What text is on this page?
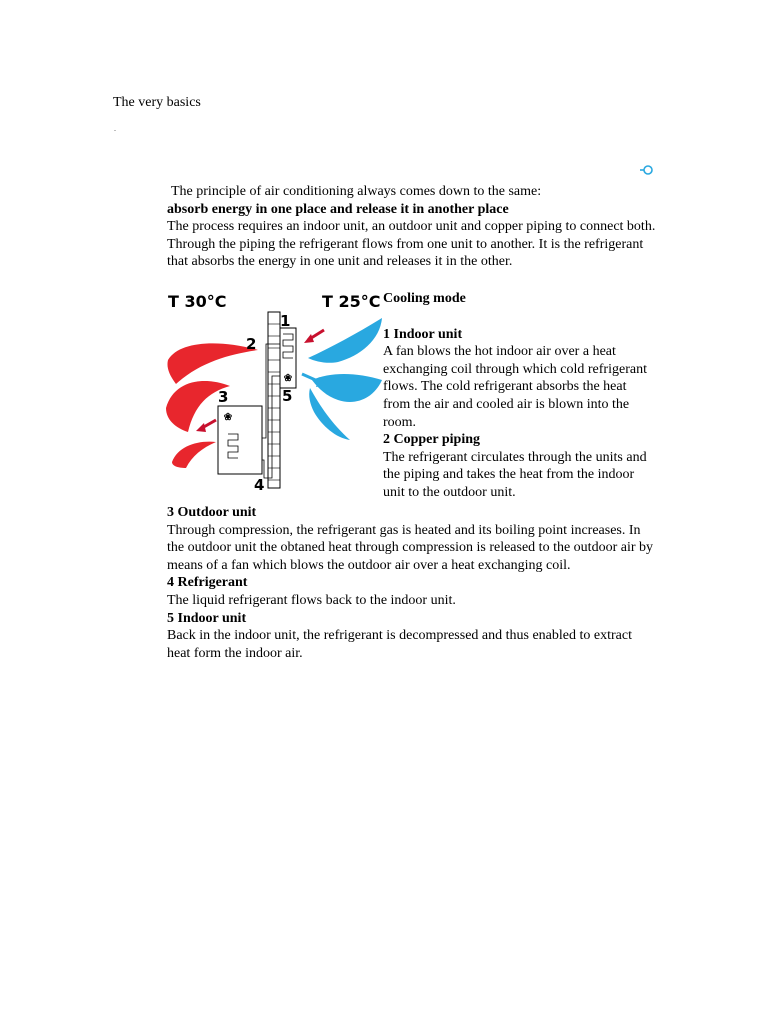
The very basics
.
The principle of air conditioning always comes down to the same:
absorb energy in one place and release it in another place
The process requires an indoor unit, an outdoor unit and copper piping to connect both. Through the piping the refrigerant flows from one unit to another. It is the refrigerant that absorbs the energy in one unit and releases it in the other.
❀
❀
T 30°C	T 25°C
1
2
3
4
5
Cooling mode
1 Indoor unit
A fan blows the hot indoor air over a heat exchanging coil through which cold refrigerant flows. The cold refrigerant absorbs the heat from the air and cooled air is blown into the room.
2 Copper piping
The refrigerant circulates through the units and the piping and takes the heat from the indoor unit to the outdoor unit.
3 Outdoor unit
Through compression, the refrigerant gas is heated and its boiling point increases. In the outdoor unit the obtaned heat through compression is released to the outdoor air by means of a fan which blows the outdoor air over a heat exchanging coil.
4 Refrigerant
The liquid refrigerant flows back to the indoor unit.
5 Indoor unit
Back in the indoor unit, the refrigerant is decompressed and thus enabled to extract heat form the indoor air.
